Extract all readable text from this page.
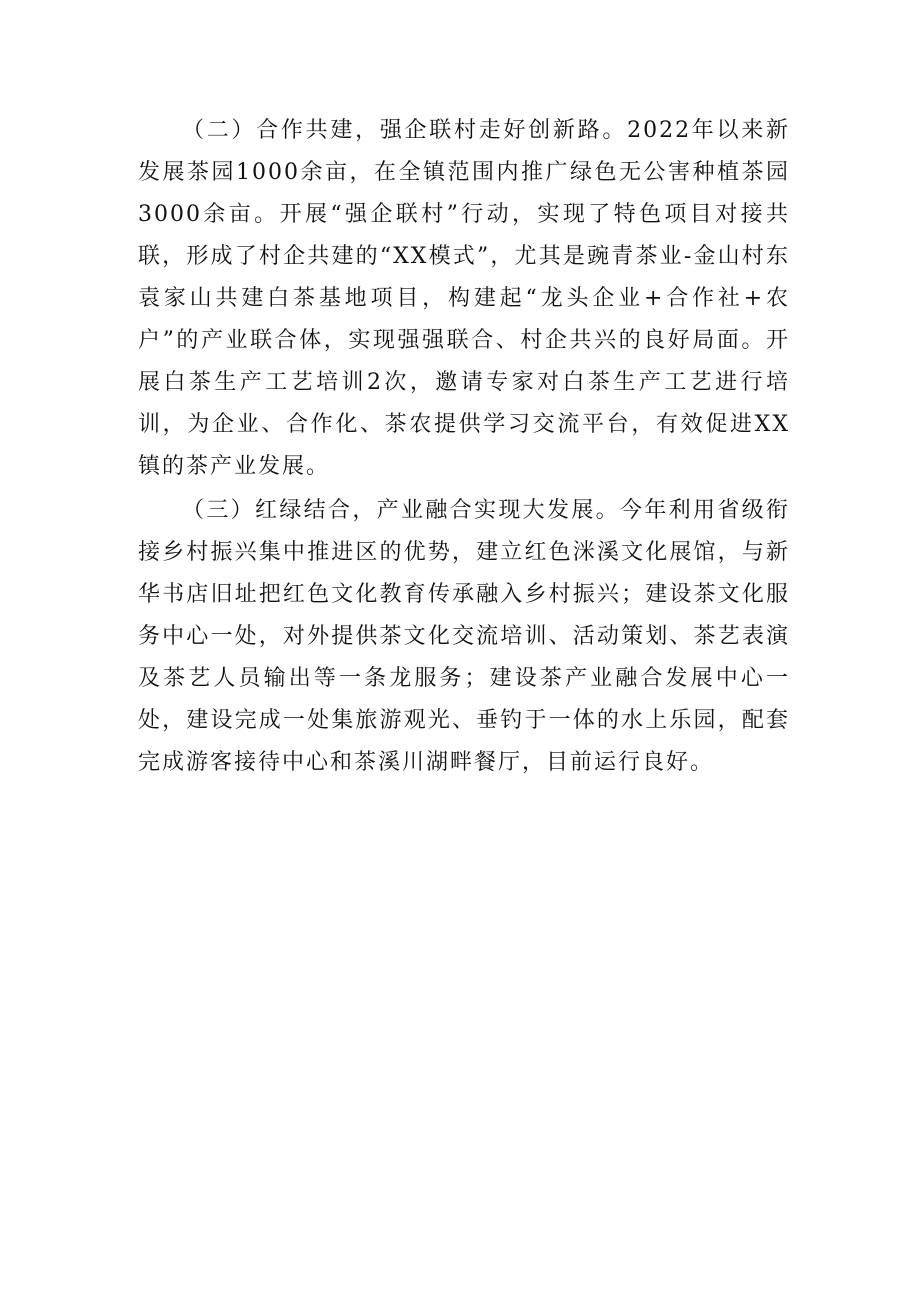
（二）合作共建，强企联村走好创新路。2022年以来新发展茶园1000余亩，在全镇范围内推广绿色无公害种植茶园3000余亩。开展“强企联村”行动，实现了特色项目对接共联，形成了村企共建的“XX模式”，尤其是豌青茶业-金山村东袁家山共建白茶基地项目，构建起“龙头企业+合作社+农户”的产业联合体，实现强强联合、村企共兴的良好局面。开展白茶生产工艺培训2次，邀请专家对白茶生产工艺进行培训，为企业、合作化、茶农提供学习交流平台，有效促进XX镇的茶产业发展。

（三）红绿结合，产业融合实现大发展。今年利用省级衔接乡村振兴集中推进区的优势，建立红色洣溪文化展馆，与新华书店旧址把红色文化教育传承融入乡村振兴；建设茶文化服务中心一处，对外提供茶文化交流培训、活动策划、茶艺表演及茶艺人员输出等一条龙服务；建设茶产业融合发展中心一处，建设完成一处集旅游观光、垂钓于一体的水上乐园，配套完成游客接待中心和茶溪川湖畔餐厅，目前运行良好。
